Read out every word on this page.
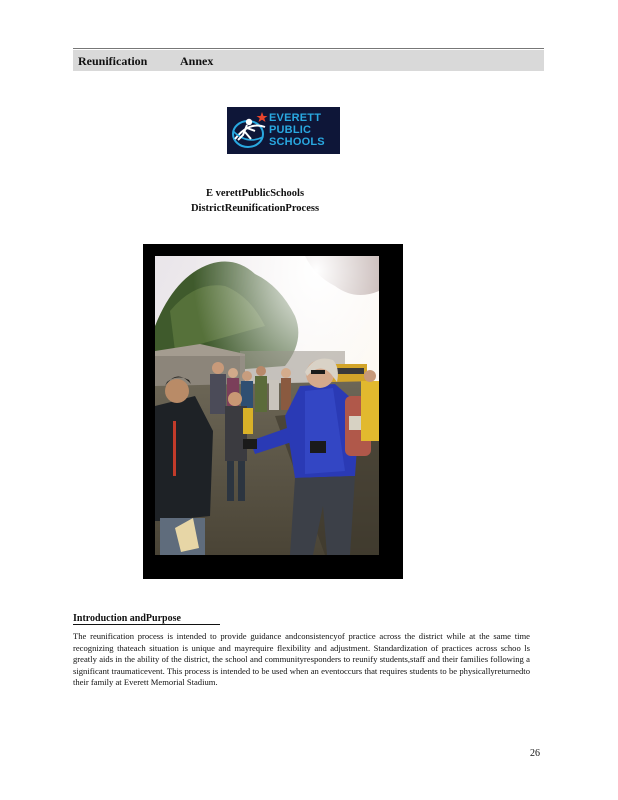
Reunification	Annex
EVERETT
PUBLIC
SCHOOLS
E verettPublicSchools
DistrictReunificationProcess
Introduction andPurpose
The reunification process is intended to provide guidance andconsistencyof practice across the district while at the same time recognizing thateach situation is unique and mayrequire flexibility and adjustment. Standardization of practices across schoo ls greatly aids in the ability of the district, the school and communityresponders to reunify students,staff and their families following a significant traumaticevent. This process is intended to be used when an eventoccurs that requires students to be physicallyreturnedto their family at Everett Memorial Stadium.
26
